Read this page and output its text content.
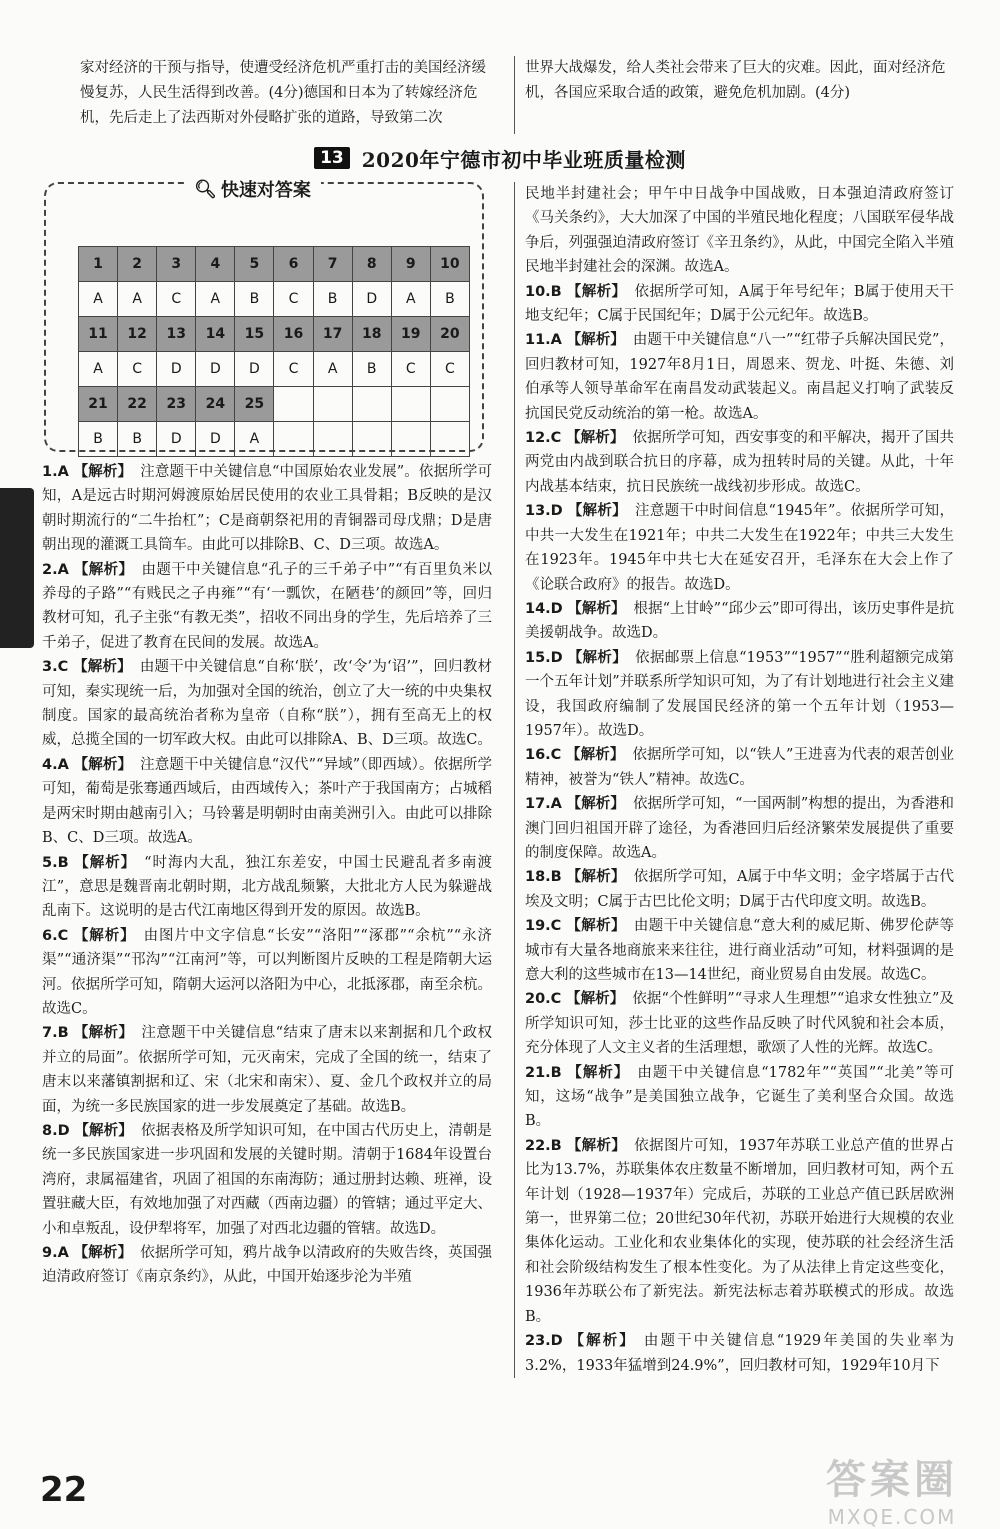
家对经济的干预与指导，使遭受经济危机严重打击的美国经济缓慢复苏，人民生活得到改善。(4分)德国和日本为了转嫁经济危机，先后走上了法西斯对外侵略扩张的道路，导致第二次
世界大战爆发，给人类社会带来了巨大的灾难。因此，面对经济危机，各国应采取合适的政策，避免危机加剧。(4分)
13 2020年宁德市初中毕业班质量检测
🔍︎ 快速对答案
1	2	3	4	5	6	7	8	9	10
A	A	C	A	B	C	B	D	A	B
11	12	13	14	15	16	17	18	19	20
A	C	D	D	D	C	A	B	C	C
21	22	23	24	25					
B	B	D	D	A					

1.A 【解析】 注意题干中关键信息“中国原始农业发展”。依据所学可知，A是远古时期河姆渡原始居民使用的农业工具骨耜；B反映的是汉朝时期流行的“二牛抬杠”；C是商朝祭祀用的青铜器司母戊鼎；D是唐朝出现的灌溉工具筒车。由此可以排除B、C、D三项。故选A。

2.A 【解析】 由题干中关键信息“孔子的三千弟子中”“有百里负米以养母的子路”“有贱民之子冉雍”“有‘一瓢饮，在陋巷’的颜回”等，回归教材可知，孔子主张“有教无类”，招收不同出身的学生，先后培养了三千弟子，促进了教育在民间的发展。故选A。

3.C 【解析】 由题干中关键信息“自称‘朕’，改‘令’为‘诏’”，回归教材可知，秦实现统一后，为加强对全国的统治，创立了大一统的中央集权制度。国家的最高统治者称为皇帝（自称“朕”），拥有至高无上的权威，总揽全国的一切军政大权。由此可以排除A、B、D三项。故选C。

4.A 【解析】 注意题干中关键信息“汉代”“异域”（即西域）。依据所学可知，葡萄是张骞通西域后，由西域传入；茶叶产于我国南方；占城稻是两宋时期由越南引入；马铃薯是明朝时由南美洲引入。由此可以排除B、C、D三项。故选A。

5.B 【解析】 “时海内大乱，独江东差安，中国士民避乱者多南渡江”，意思是魏晋南北朝时期，北方战乱频繁，大批北方人民为躲避战乱南下。这说明的是古代江南地区得到开发的原因。故选B。

6.C 【解析】 由图片中文字信息“长安”“洛阳”“涿郡”“余杭”“永济渠”“通济渠”“邗沟”“江南河”等，可以判断图片反映的工程是隋朝大运河。依据所学可知，隋朝大运河以洛阳为中心，北抵涿郡，南至余杭。故选C。

7.B 【解析】 注意题干中关键信息“结束了唐末以来割据和几个政权并立的局面”。依据所学可知，元灭南宋，完成了全国的统一，结束了唐末以来藩镇割据和辽、宋（北宋和南宋）、夏、金几个政权并立的局面，为统一多民族国家的进一步发展奠定了基础。故选B。

8.D 【解析】 依据表格及所学知识可知，在中国古代历史上，清朝是统一多民族国家进一步巩固和发展的关键时期。清朝于1684年设置台湾府，隶属福建省，巩固了祖国的东南海防；通过册封达赖、班禅，设置驻藏大臣，有效地加强了对西藏（西南边疆）的管辖；通过平定大、小和卓叛乱，设伊犁将军，加强了对西北边疆的管辖。故选D。

9.A 【解析】 依据所学可知，鸦片战争以清政府的失败告终，英国强迫清政府签订《南京条约》，从此，中国开始逐步沦为半殖

民地半封建社会；甲午中日战争中国战败，日本强迫清政府签订《马关条约》，大大加深了中国的半殖民地化程度；八国联军侵华战争后，列强强迫清政府签订《辛丑条约》，从此，中国完全陷入半殖民地半封建社会的深渊。故选A。

10.B 【解析】 依据所学可知，A属于年号纪年；B属于使用天干地支纪年；C属于民国纪年；D属于公元纪年。故选B。

11.A 【解析】 由题干中关键信息“八一”“红带子兵解决国民党”，回归教材可知，1927年8月1日，周恩来、贺龙、叶挺、朱德、刘伯承等人领导革命军在南昌发动武装起义。南昌起义打响了武装反抗国民党反动统治的第一枪。故选A。

12.C 【解析】 依据所学可知，西安事变的和平解决，揭开了国共两党由内战到联合抗日的序幕，成为扭转时局的关键。从此，十年内战基本结束，抗日民族统一战线初步形成。故选C。

13.D 【解析】 注意题干中时间信息“1945年”。依据所学可知，中共一大发生在1921年；中共二大发生在1922年；中共三大发生在1923年。1945年中共七大在延安召开，毛泽东在大会上作了《论联合政府》的报告。故选D。

14.D 【解析】 根据“上甘岭”“邱少云”即可得出，该历史事件是抗美援朝战争。故选D。

15.D 【解析】 依据邮票上信息“1953”“1957”“胜利超额完成第一个五年计划”并联系所学知识可知，为了有计划地进行社会主义建设，我国政府编制了发展国民经济的第一个五年计划（1953—1957年）。故选D。

16.C 【解析】 依据所学可知，以“铁人”王进喜为代表的艰苦创业精神，被誉为“铁人”精神。故选C。

17.A 【解析】 依据所学可知，“一国两制”构想的提出，为香港和澳门回归祖国开辟了途径，为香港回归后经济繁荣发展提供了重要的制度保障。故选A。

18.B 【解析】 依据所学可知，A属于中华文明；金字塔属于古代埃及文明；C属于古巴比伦文明；D属于古代印度文明。故选B。

19.C 【解析】 由题干中关键信息“意大利的威尼斯、佛罗伦萨等城市有大量各地商旅来来往往，进行商业活动”可知，材料强调的是意大利的这些城市在13—14世纪，商业贸易自由发展。故选C。

20.C 【解析】 依据“个性鲜明”“寻求人生理想”“追求女性独立”及所学知识可知，莎士比亚的这些作品反映了时代风貌和社会本质，充分体现了人文主义者的生活理想，歌颂了人性的光辉。故选C。

21.B 【解析】 由题干中关键信息“1782年”“英国”“北美”等可知，这场“战争”是美国独立战争，它诞生了美利坚合众国。故选B。

22.B 【解析】 依据图片可知，1937年苏联工业总产值的世界占比为13.7%，苏联集体农庄数量不断增加，回归教材可知，两个五年计划（1928—1937年）完成后，苏联的工业总产值已跃居欧洲第一，世界第二位；20世纪30年代初，苏联开始进行大规模的农业集体化运动。工业化和农业集体化的实现，使苏联的社会经济生活和社会阶级结构发生了根本性变化。为了从法律上肯定这些变化，1936年苏联公布了新宪法。新宪法标志着苏联模式的形成。故选B。

23.D 【解析】 由题干中关键信息“1929年美国的失业率为3.2%，1933年猛增到24.9%”，回归教材可知，1929年10月下

22	答案圈
MXQE.COM
